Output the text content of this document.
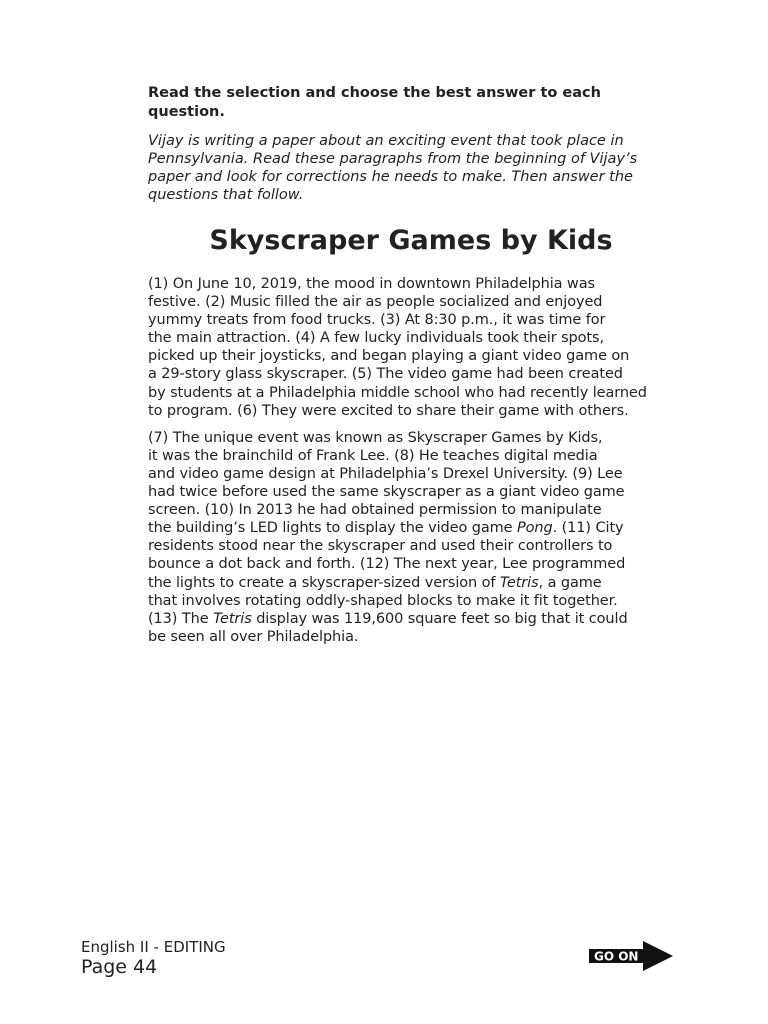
Read the selection and choose the best answer to each question.

Vijay is writing a paper about an exciting event that took place in Pennsylvania. Read these paragraphs from the beginning of Vijay’s paper and look for corrections he needs to make. Then answer the questions that follow.

Skyscraper Games by Kids
(1) On June 10, 2019, the mood in downtown Philadelphia was
festive. (2) Music filled the air as people socialized and enjoyed
yummy treats from food trucks. (3) At 8:30 p.m., it was time for
the main attraction. (4) A few lucky individuals took their spots,
picked up their joysticks, and began playing a giant video game on
a 29-story glass skyscraper. (5) The video game had been created
by students at a Philadelphia middle school who had recently learned
to program. (6) They were excited to share their game with others.
(7) The unique event was known as Skyscraper Games by Kids,
it was the brainchild of Frank Lee. (8) He teaches digital media
and video game design at Philadelphia’s Drexel University. (9) Lee
had twice before used the same skyscraper as a giant video game
screen. (10) In 2013 he had obtained permission to manipulate
the building’s LED lights to display the video game Pong. (11) City
residents stood near the skyscraper and used their controllers to
bounce a dot back and forth. (12) The next year, Lee programmed
the lights to create a skyscraper-sized version of Tetris, a game
that involves rotating oddly-shaped blocks to make it fit together.
(13) The Tetris display was 119,600 square feet so big that it could
be seen all over Philadelphia.
English II - EDITING
Page 44	GO ON
